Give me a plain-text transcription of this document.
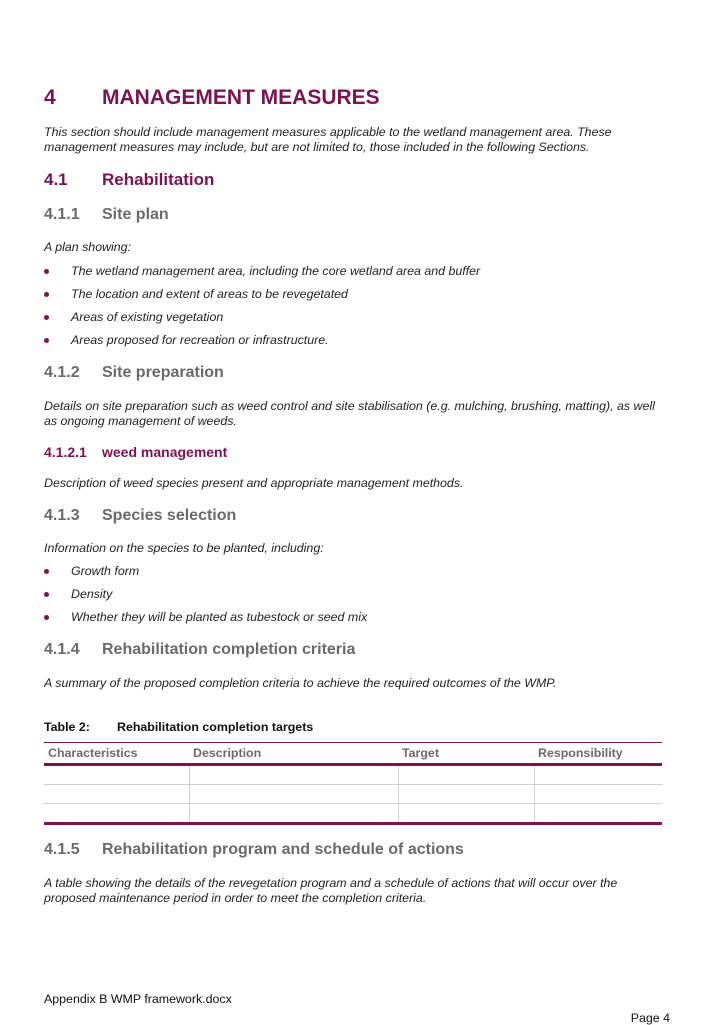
4 MANAGEMENT MEASURES
This section should include management measures applicable to the wetland management area. These management measures may include, but are not limited to, those included in the following Sections.
4.1 Rehabilitation
4.1.1 Site plan
A plan showing:
The wetland management area, including the core wetland area and buffer
The location and extent of areas to be revegetated
Areas of existing vegetation
Areas proposed for recreation or infrastructure.
4.1.2 Site preparation
Details on site preparation such as weed control and site stabilisation (e.g. mulching, brushing, matting), as well as ongoing management of weeds.
4.1.2.1 weed management
Description of weed species present and appropriate management methods.
4.1.3 Species selection
Information on the species to be planted, including:
Growth form
Density
Whether they will be planted as tubestock or seed mix
4.1.4 Rehabilitation completion criteria
A summary of the proposed completion criteria to achieve the required outcomes of the WMP.
Table 2: Rehabilitation completion targets
Characteristics	Description	Target	Responsibility

4.1.5 Rehabilitation program and schedule of actions
A table showing the details of the revegetation program and a schedule of actions that will occur over the proposed maintenance period in order to meet the completion criteria.
Appendix B WMP framework.docx
Page 4
